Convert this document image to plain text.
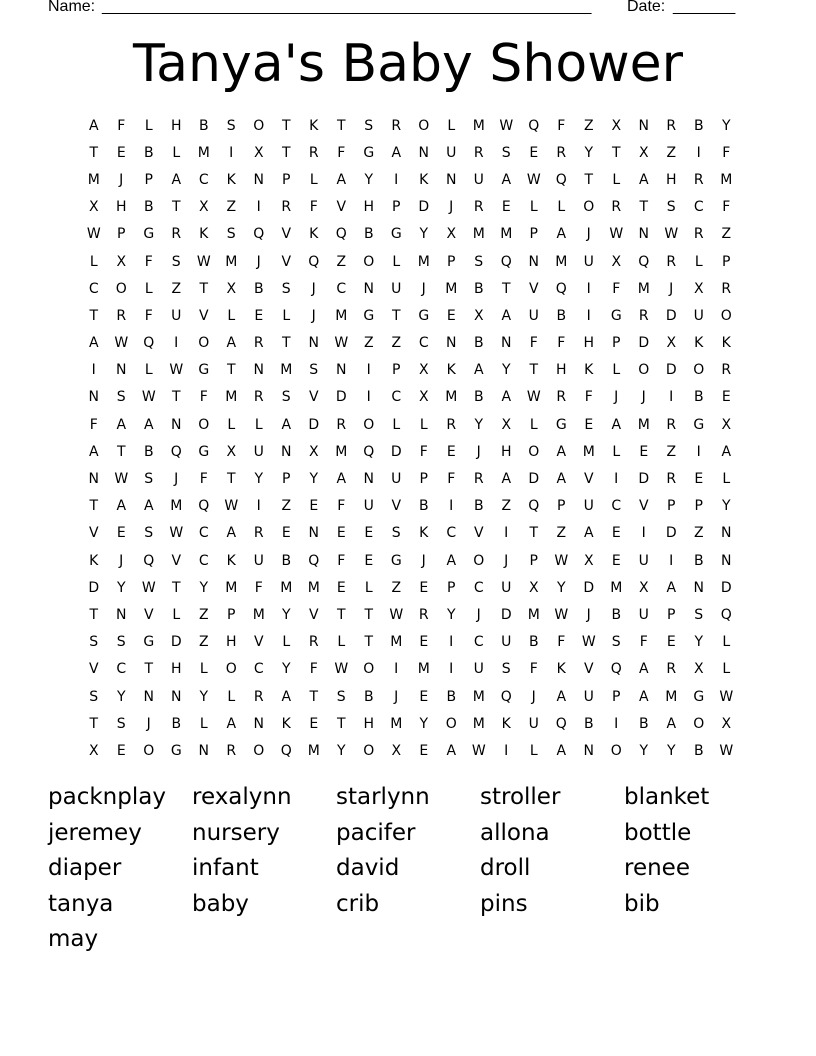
Name: _______________________________________________________ Date: _______
Tanya's Baby Shower
A	F	L	H	B	S	O	T	K	T	S	R	O	L	M	W	Q	F	Z	X	N	R	B	Y
T	E	B	L	M	I	X	T	R	F	G	A	N	U	R	S	E	R	Y	T	X	Z	I	F
M	J	P	A	C	K	N	P	L	A	Y	I	K	N	U	A	W	Q	T	L	A	H	R	M
X	H	B	T	X	Z	I	R	F	V	H	P	D	J	R	E	L	L	O	R	T	S	C	F
W	P	G	R	K	S	Q	V	K	Q	B	G	Y	X	M	M	P	A	J	W	N	W	R	Z
L	X	F	S	W	M	J	V	Q	Z	O	L	M	P	S	Q	N	M	U	X	Q	R	L	P
C	O	L	Z	T	X	B	S	J	C	N	U	J	M	B	T	V	Q	I	F	M	J	X	R
T	R	F	U	V	L	E	L	J	M	G	T	G	E	X	A	U	B	I	G	R	D	U	O
A	W	Q	I	O	A	R	T	N	W	Z	Z	C	N	B	N	F	F	H	P	D	X	K	K
I	N	L	W	G	T	N	M	S	N	I	P	X	K	A	Y	T	H	K	L	O	D	O	R
N	S	W	T	F	M	R	S	V	D	I	C	X	M	B	A	W	R	F	J	J	I	B	E
F	A	A	N	O	L	L	A	D	R	O	L	L	R	Y	X	L	G	E	A	M	R	G	X
A	T	B	Q	G	X	U	N	X	M	Q	D	F	E	J	H	O	A	M	L	E	Z	I	A
N	W	S	J	F	T	Y	P	Y	A	N	U	P	F	R	A	D	A	V	I	D	R	E	L
T	A	A	M	Q	W	I	Z	E	F	U	V	B	I	B	Z	Q	P	U	C	V	P	P	Y
V	E	S	W	C	A	R	E	N	E	E	S	K	C	V	I	T	Z	A	E	I	D	Z	N
K	J	Q	V	C	K	U	B	Q	F	E	G	J	A	O	J	P	W	X	E	U	I	B	N
D	Y	W	T	Y	M	F	M	M	E	L	Z	E	P	C	U	X	Y	D	M	X	A	N	D
T	N	V	L	Z	P	M	Y	V	T	T	W	R	Y	J	D	M	W	J	B	U	P	S	Q
S	S	G	D	Z	H	V	L	R	L	T	M	E	I	C	U	B	F	W	S	F	E	Y	L
V	C	T	H	L	O	C	Y	F	W	O	I	M	I	U	S	F	K	V	Q	A	R	X	L
S	Y	N	N	Y	L	R	A	T	S	B	J	E	B	M	Q	J	A	U	P	A	M	G	W
T	S	J	B	L	A	N	K	E	T	H	M	Y	O	M	K	U	Q	B	I	B	A	O	X
X	E	O	G	N	R	O	Q	M	Y	O	X	E	A	W	I	L	A	N	O	Y	Y	B	W
packnplay	rexalynn	starlynn	stroller	blanket
jeremey	nursery	pacifer	allona	bottle
diaper	infant	david	droll	renee
tanya	baby	crib	pins	bib
may
